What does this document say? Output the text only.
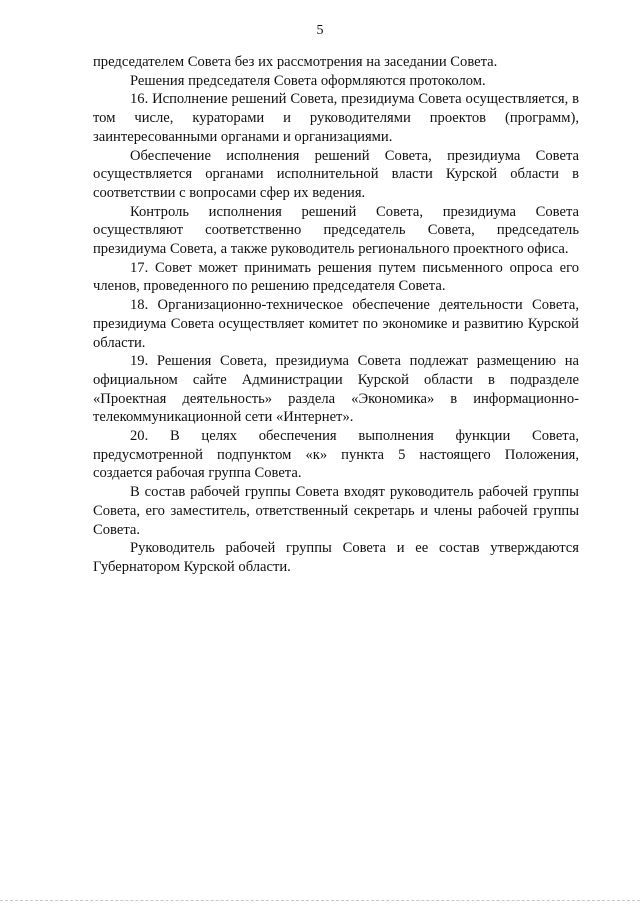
5

председателем Совета без их рассмотрения на заседании Совета.

Решения председателя Совета оформляются протоколом.

16. Исполнение решений Совета, президиума Совета осуществляется, в том числе, кураторами и руководителями проектов (программ), заинтересованными органами и организациями.

Обеспечение исполнения решений Совета, президиума Совета осуществляется органами исполнительной власти Курской области в соответствии с вопросами сфер их ведения.

Контроль исполнения решений Совета, президиума Совета осуществляют соответственно председатель Совета, председатель президиума Совета, а также руководитель регионального проектного офиса.

17. Совет может принимать решения путем письменного опроса его членов, проведенного по решению председателя Совета.

18. Организационно-техническое обеспечение деятельности Совета, президиума Совета осуществляет комитет по экономике и развитию Курской области.

19. Решения Совета, президиума Совета подлежат размещению на официальном сайте Администрации Курской области в подразделе «Проектная деятельность» раздела «Экономика» в информационно-телекоммуникационной сети «Интернет».

20. В целях обеспечения выполнения функции Совета, предусмотренной подпунктом «к» пункта 5 настоящего Положения, создается рабочая группа Совета.

В состав рабочей группы Совета входят руководитель рабочей группы Совета, его заместитель, ответственный секретарь и члены рабочей группы Совета.

Руководитель рабочей группы Совета и ее состав утверждаются Губернатором Курской области.
